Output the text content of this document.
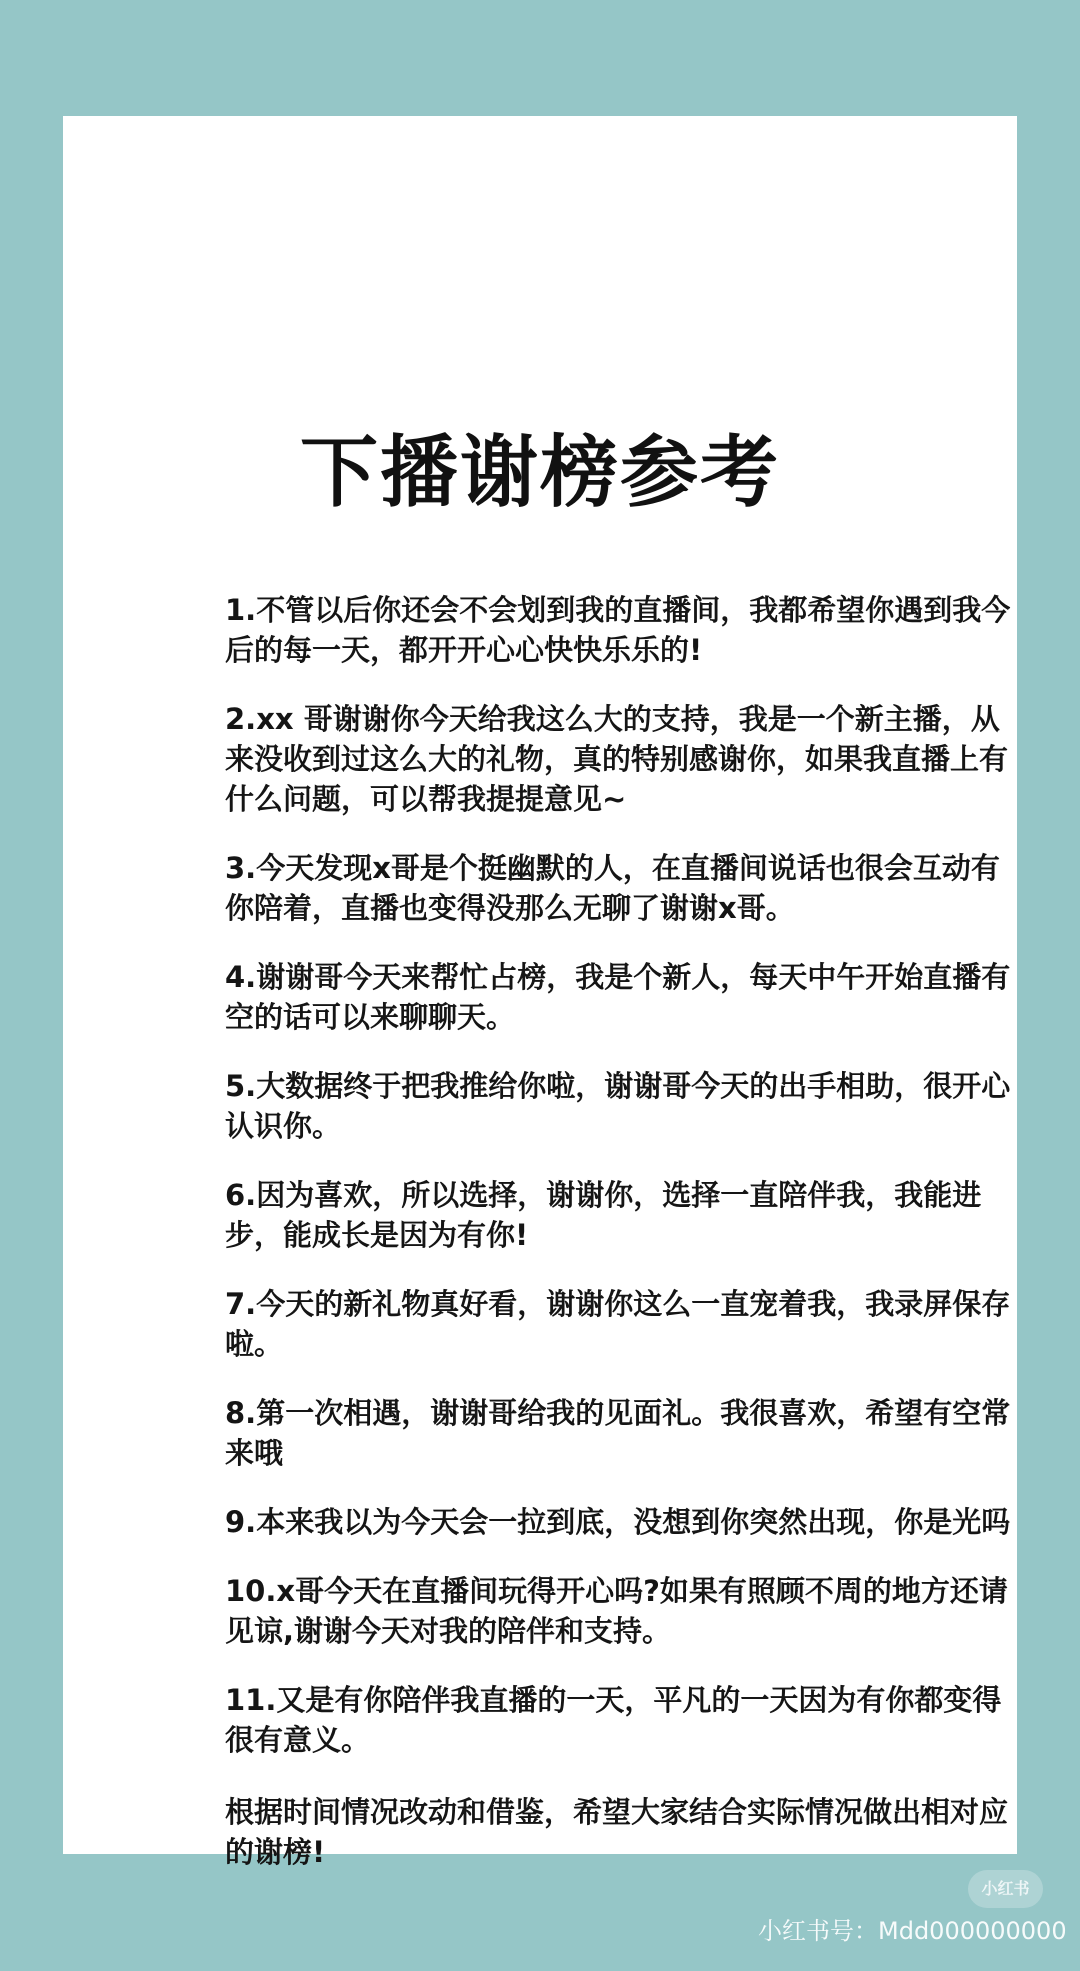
下播谢榜参考

1.不管以后你还会不会划到我的直播间，我都希望你遇到我今后的每一天，都开开心心快快乐乐的!

2.xx 哥谢谢你今天给我这么大的支持，我是一个新主播，从来没收到过这么大的礼物，真的特别感谢你，如果我直播上有什么问题，可以帮我提提意见~

3.今天发现x哥是个挺幽默的人，在直播间说话也很会互动有你陪着，直播也变得没那么无聊了谢谢x哥。

4.谢谢哥今天来帮忙占榜，我是个新人，每天中午开始直播有空的话可以来聊聊天。

5.大数据终于把我推给你啦，谢谢哥今天的出手相助，很开心认识你。

6.因为喜欢，所以选择，谢谢你，选择一直陪伴我，我能进步，能成长是因为有你!

7.今天的新礼物真好看，谢谢你这么一直宠着我，我录屏保存啦。

8.第一次相遇，谢谢哥给我的见面礼。我很喜欢，希望有空常来哦

9.本来我以为今天会一拉到底，没想到你突然出现，你是光吗

10.x哥今天在直播间玩得开心吗?如果有照顾不周的地方还请见谅,谢谢今天对我的陪伴和支持。

11.又是有你陪伴我直播的一天，平凡的一天因为有你都变得很有意义。

根据时间情况改动和借鉴，希望大家结合实际情况做出相对应的谢榜!
小红书
小红书号：Mdd000000000
